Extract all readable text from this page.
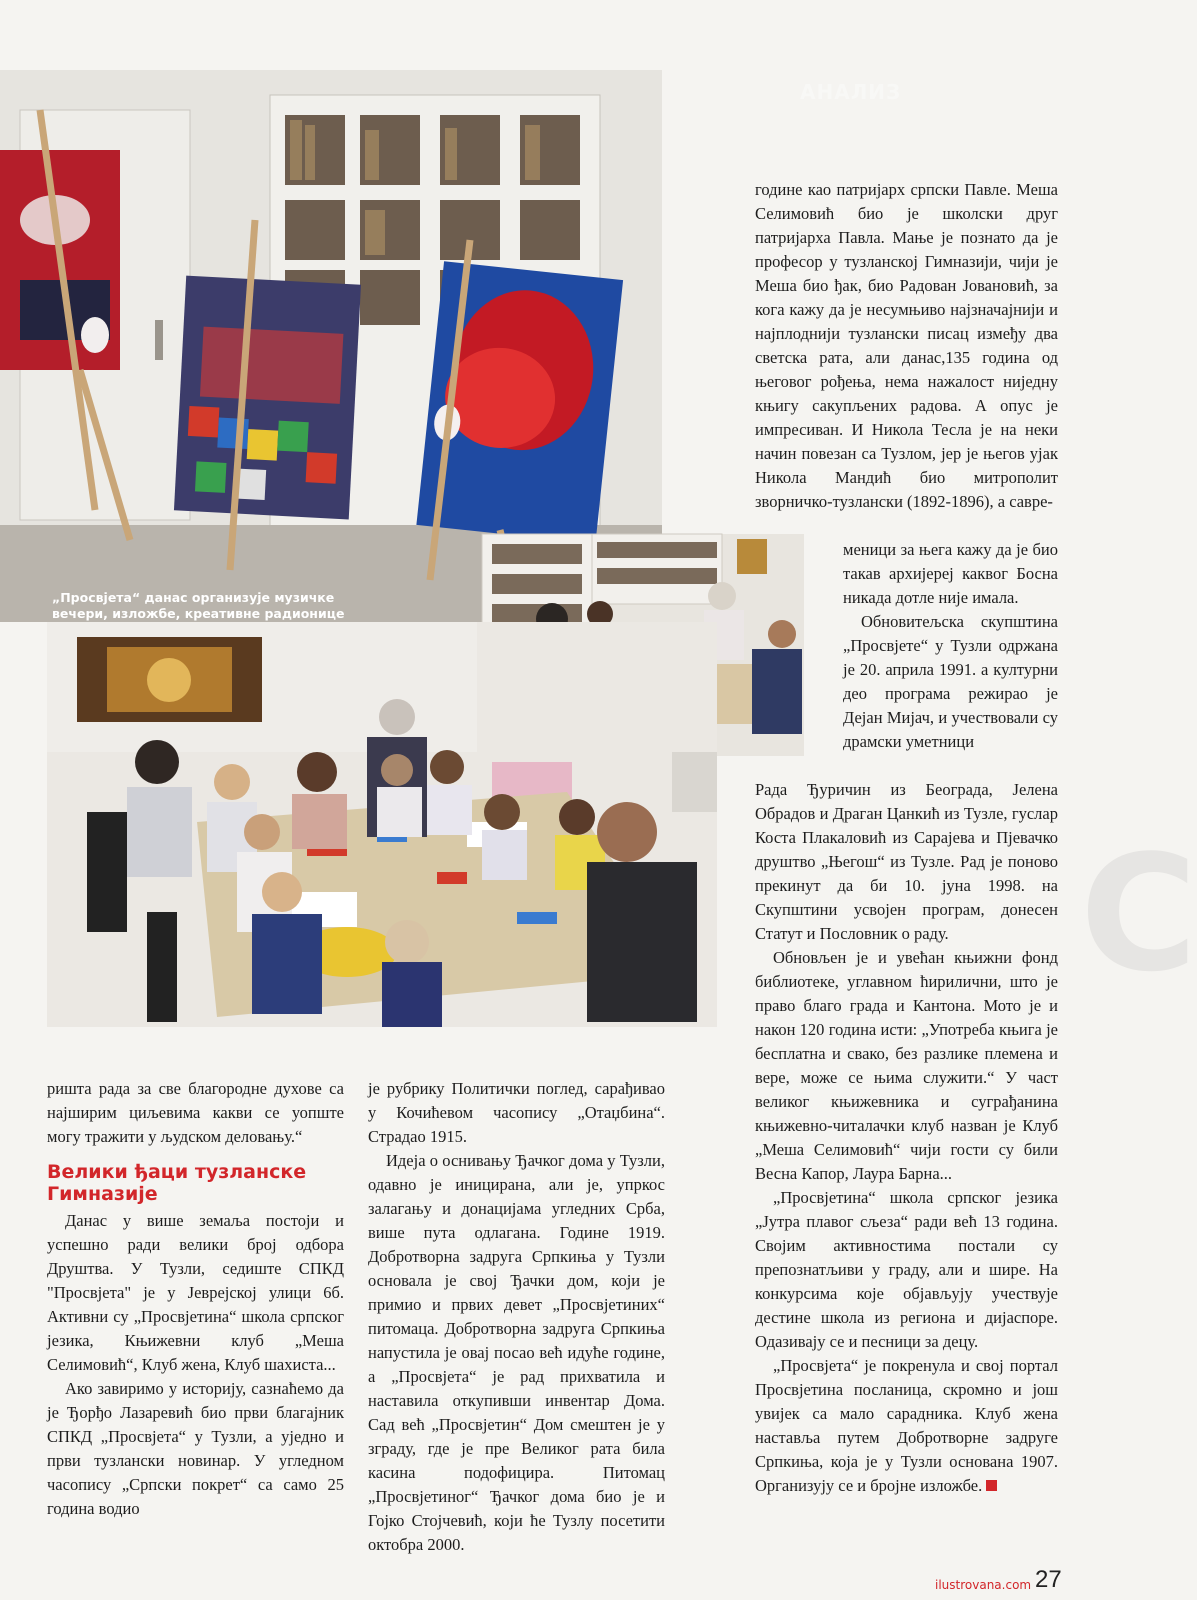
С
„Просвјета“ данас организује музичке
вечери, изложбе, креативне радионице
АНАЛИЗ

ришта рада за све благородне духове са најширим циљевима какви се уопште могу тражити у људском деловању.“

Велики ђаци тузланске Гимназије

Данас у више земаља постоји и успешно ради велики број одбора Друштва. У Тузли, седиште СПКД "Просвјета" је у Јеврејској улици 6б. Активни су „Просвјетина“ школа српског језика, Књижевни клуб „Меша Селимовић“, Клуб жена, Клуб шахиста...

Ако завиримо у историју, сазнаћемо да је Ђорђо Лазаревић био први благајник СПКД „Просвјета“ у Тузли, а уједно и први тузлански новинар. У угледном часопису „Српски покрет“ са само 25 година водио

је рубрику Политички поглед, сарађивао у Кочићевом часопису „Отаџбина“. Страдао 1915.

Идеја о оснивању Ђачког дома у Тузли, одавно је иницирана, али је, упркос залагању и донацијама угледних Срба, више пута одлагана. Године 1919. Добротворна задруга Српкиња у Тузли основала је свој Ђачки дом, који је примио и првих девет „Просвјетиних“ питомаца. Добротворна задруга Српкиња напустила је овај посао већ идуће године, а „Просвјета“ је рад прихватила и наставила откупивши инвентар Дома. Сад већ „Просвјетин“ Дом смештен је у зграду, где је пре Великог рата била касина подофицира. Питомац „Просвјетиног“ Ђачког дома био је и Гојко Стојчевић, који ће Тузлу посетити октобра 2000.

године као патријарх српски Павле. Меша Селимовић био је школски друг патријарха Павла. Мање је познато да је професор у тузланској Гимназији, чији је Меша био ђак, био Радован Јовановић, за кога кажу да је несумњиво најзначајнији и најплоднији тузлански писац између два светска рата, али данас,135 година од његовог рођења, нема нажалост ниједну књигу сакупљених радова. А опус је импресиван. И Никола Тесла је на неки начин повезан са Тузлом, јер је његов ујак Никола Мандић био митрополит зворничко-тузлански (1892-1896), а савре-

меници за њега кажу да је био такав архијереј каквог Босна никада дотле није имала.

Обновитељска скупштина „Просвјете“ у Тузли одржана је 20. априла 1991. а културни део програма режирао је Дејан Мијач, и учествовали су драмски уметници

Рада Ђуричин из Београда, Јелена Обрадов и Драган Цанкић из Тузле, гуслар Коста Плакаловић из Сарајева и Пјевачко друштво „Његош“ из Тузле. Рад је поново прекинут да би 10. јуна 1998. на Скупштини усвојен програм, донесен Статут и Пословник о раду.

Обновљен је и увећан књижни фонд библиотеке, углавном ћирилични, што је право благо града и Кантона. Мото је и након 120 година исти: „Употреба књига је бесплатна и свако, без разлике племена и вере, може се њима служити.“ У част великог књижевника и суграђанина књижевно-читалачки клуб назван је Клуб „Меша Селимовић“ чији гости су били Весна Капор, Лаура Барна...

„Просвјетина“ школа српског језика „Јутра плавог сљеза“ ради већ 13 година. Својим активностима постали су препознатљиви у граду, али и шире. На конкурсима које објављују учествује дестине школа из региона и дијаспоре. Одазивају се и песници за децу.

„Просвјета“ је покренула и свој портал Просвјетина посланица, скромно и још увијек са мало сарадника. Клуб жена наставља путем Добротворне задруге Српкиња, која је у Тузли основана 1907. Организују се и бројне изложбе.

ilustrovana.com 27
